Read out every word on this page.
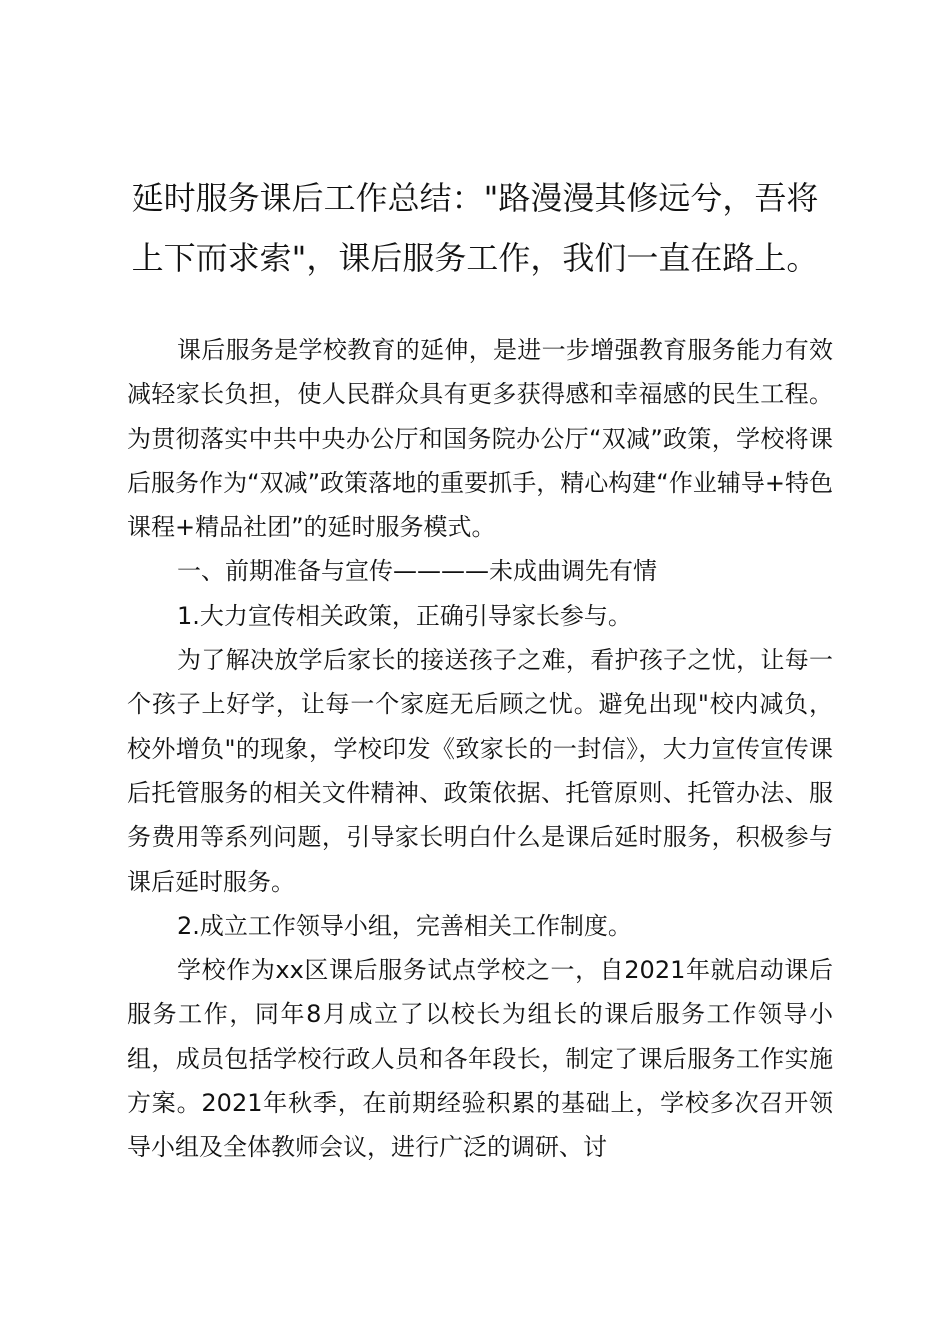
延时服务课后工作总结："路漫漫其修远兮，吾将上下而求索"，课后服务工作，我们一直在路上。

课后服务是学校教育的延伸，是进一步增强教育服务能力有效减轻家长负担，使人民群众具有更多获得感和幸福感的民生工程。为贯彻落实中共中央办公厅和国务院办公厅“双减”政策，学校将课后服务作为“双减”政策落地的重要抓手，精心构建“作业辅导+特色课程+精品社团”的延时服务模式。

一、前期准备与宣传————未成曲调先有情

1.大力宣传相关政策，正确引导家长参与。

为了解决放学后家长的接送孩子之难，看护孩子之忧，让每一个孩子上好学，让每一个家庭无后顾之忧。避免出现"校内减负，校外增负"的现象，学校印发《致家长的一封信》，大力宣传宣传课后托管服务的相关文件精神、政策依据、托管原则、托管办法、服务费用等系列问题，引导家长明白什么是课后延时服务，积极参与课后延时服务。

2.成立工作领导小组，完善相关工作制度。

学校作为xx区课后服务试点学校之一，自2021年就启动课后服务工作，同年8月成立了以校长为组长的课后服务工作领导小组，成员包括学校行政人员和各年段长，制定了课后服务工作实施方案。2021年秋季，在前期经验积累的基础上，学校多次召开领导小组及全体教师会议，进行广泛的调研、讨
